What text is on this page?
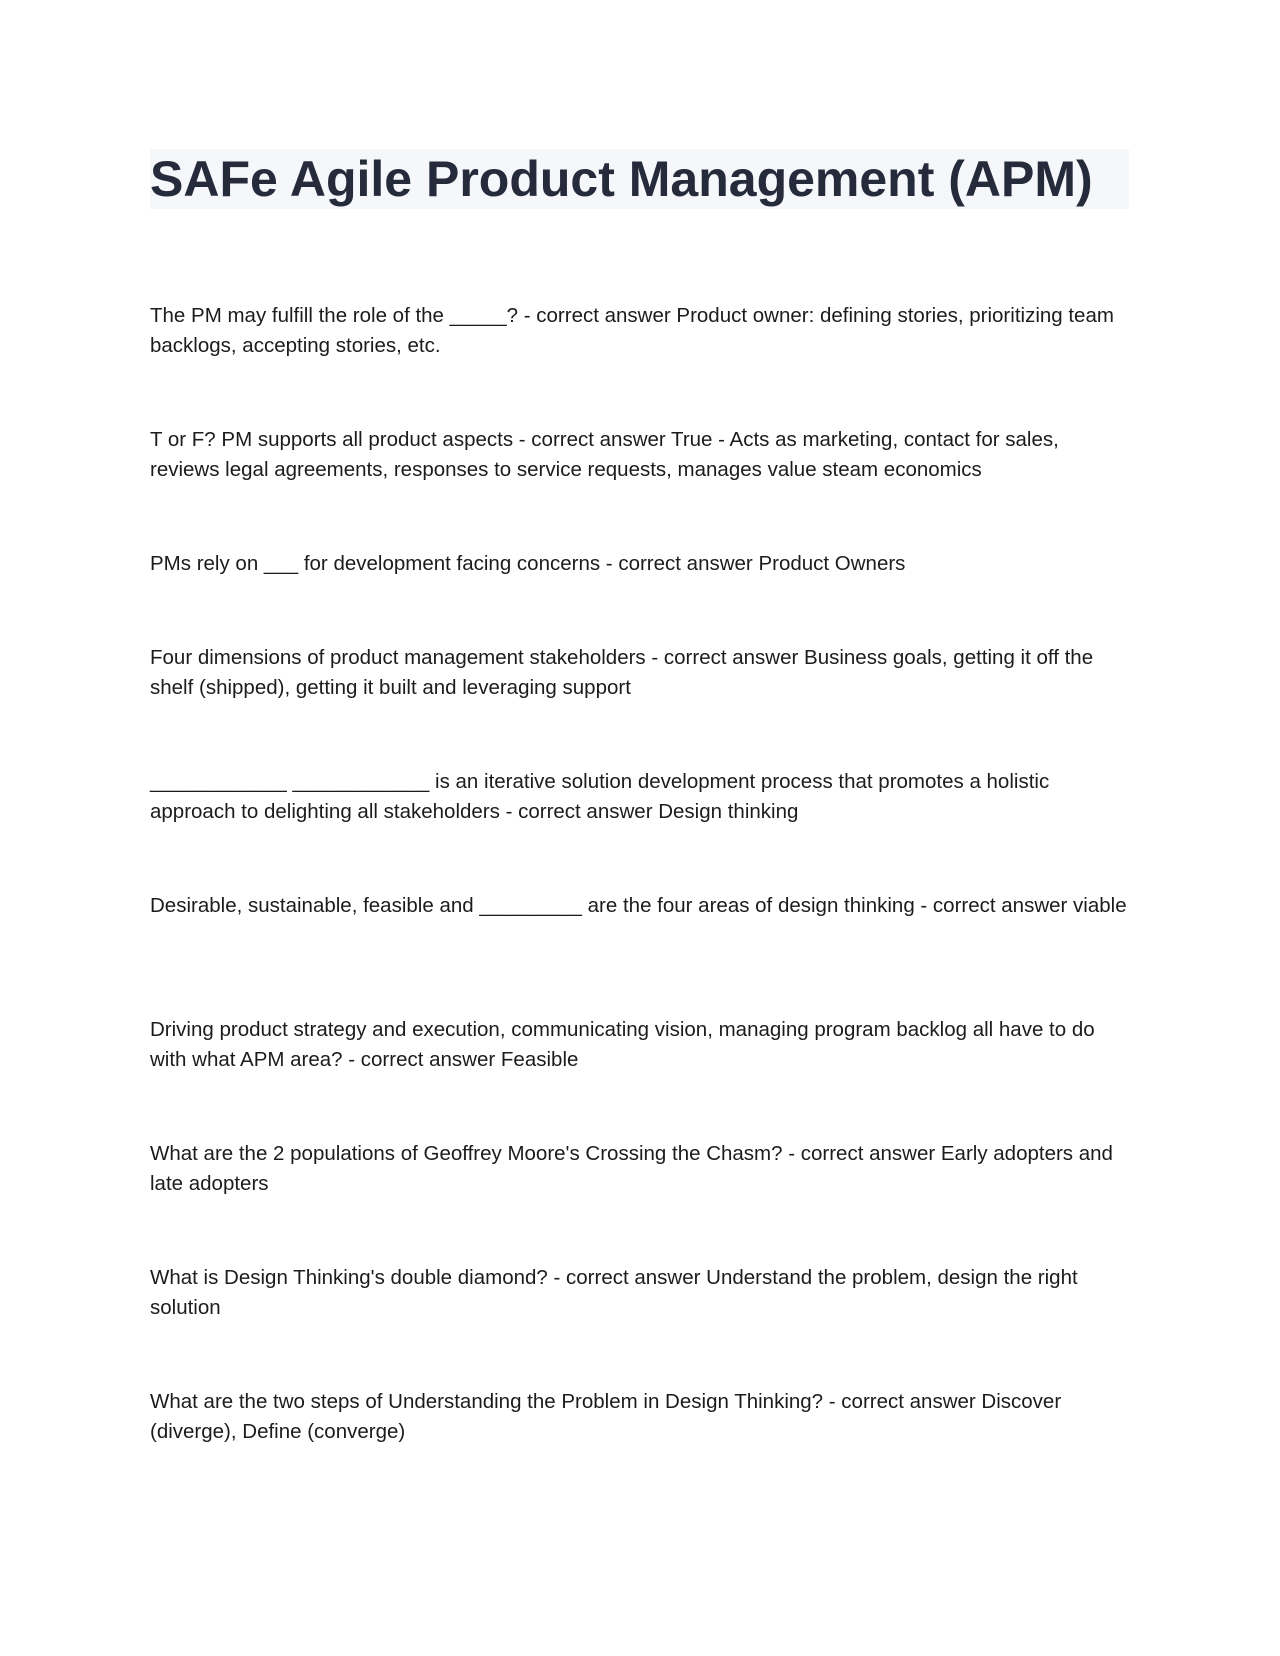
SAFe Agile Product Management (APM)

The PM may fulfill the role of the _____? - correct answer Product owner: defining stories, prioritizing team backlogs, accepting stories, etc.

T or F? PM supports all product aspects - correct answer True - Acts as marketing, contact for sales, reviews legal agreements, responses to service requests, manages value steam economics

PMs rely on ___ for development facing concerns - correct answer Product Owners

Four dimensions of product management stakeholders - correct answer Business goals, getting it off the shelf (shipped), getting it built and leveraging support

____________ ____________ is an iterative solution development process that promotes a holistic approach to delighting all stakeholders - correct answer Design thinking

Desirable, sustainable, feasible and _________ are the four areas of design thinking - correct answer viable

Driving product strategy and execution, communicating vision, managing program backlog all have to do with what APM area? - correct answer Feasible

What are the 2 populations of Geoffrey Moore's Crossing the Chasm? - correct answer Early adopters and late adopters

What is Design Thinking's double diamond? - correct answer Understand the problem, design the right solution

What are the two steps of Understanding the Problem in Design Thinking? - correct answer Discover (diverge), Define (converge)
